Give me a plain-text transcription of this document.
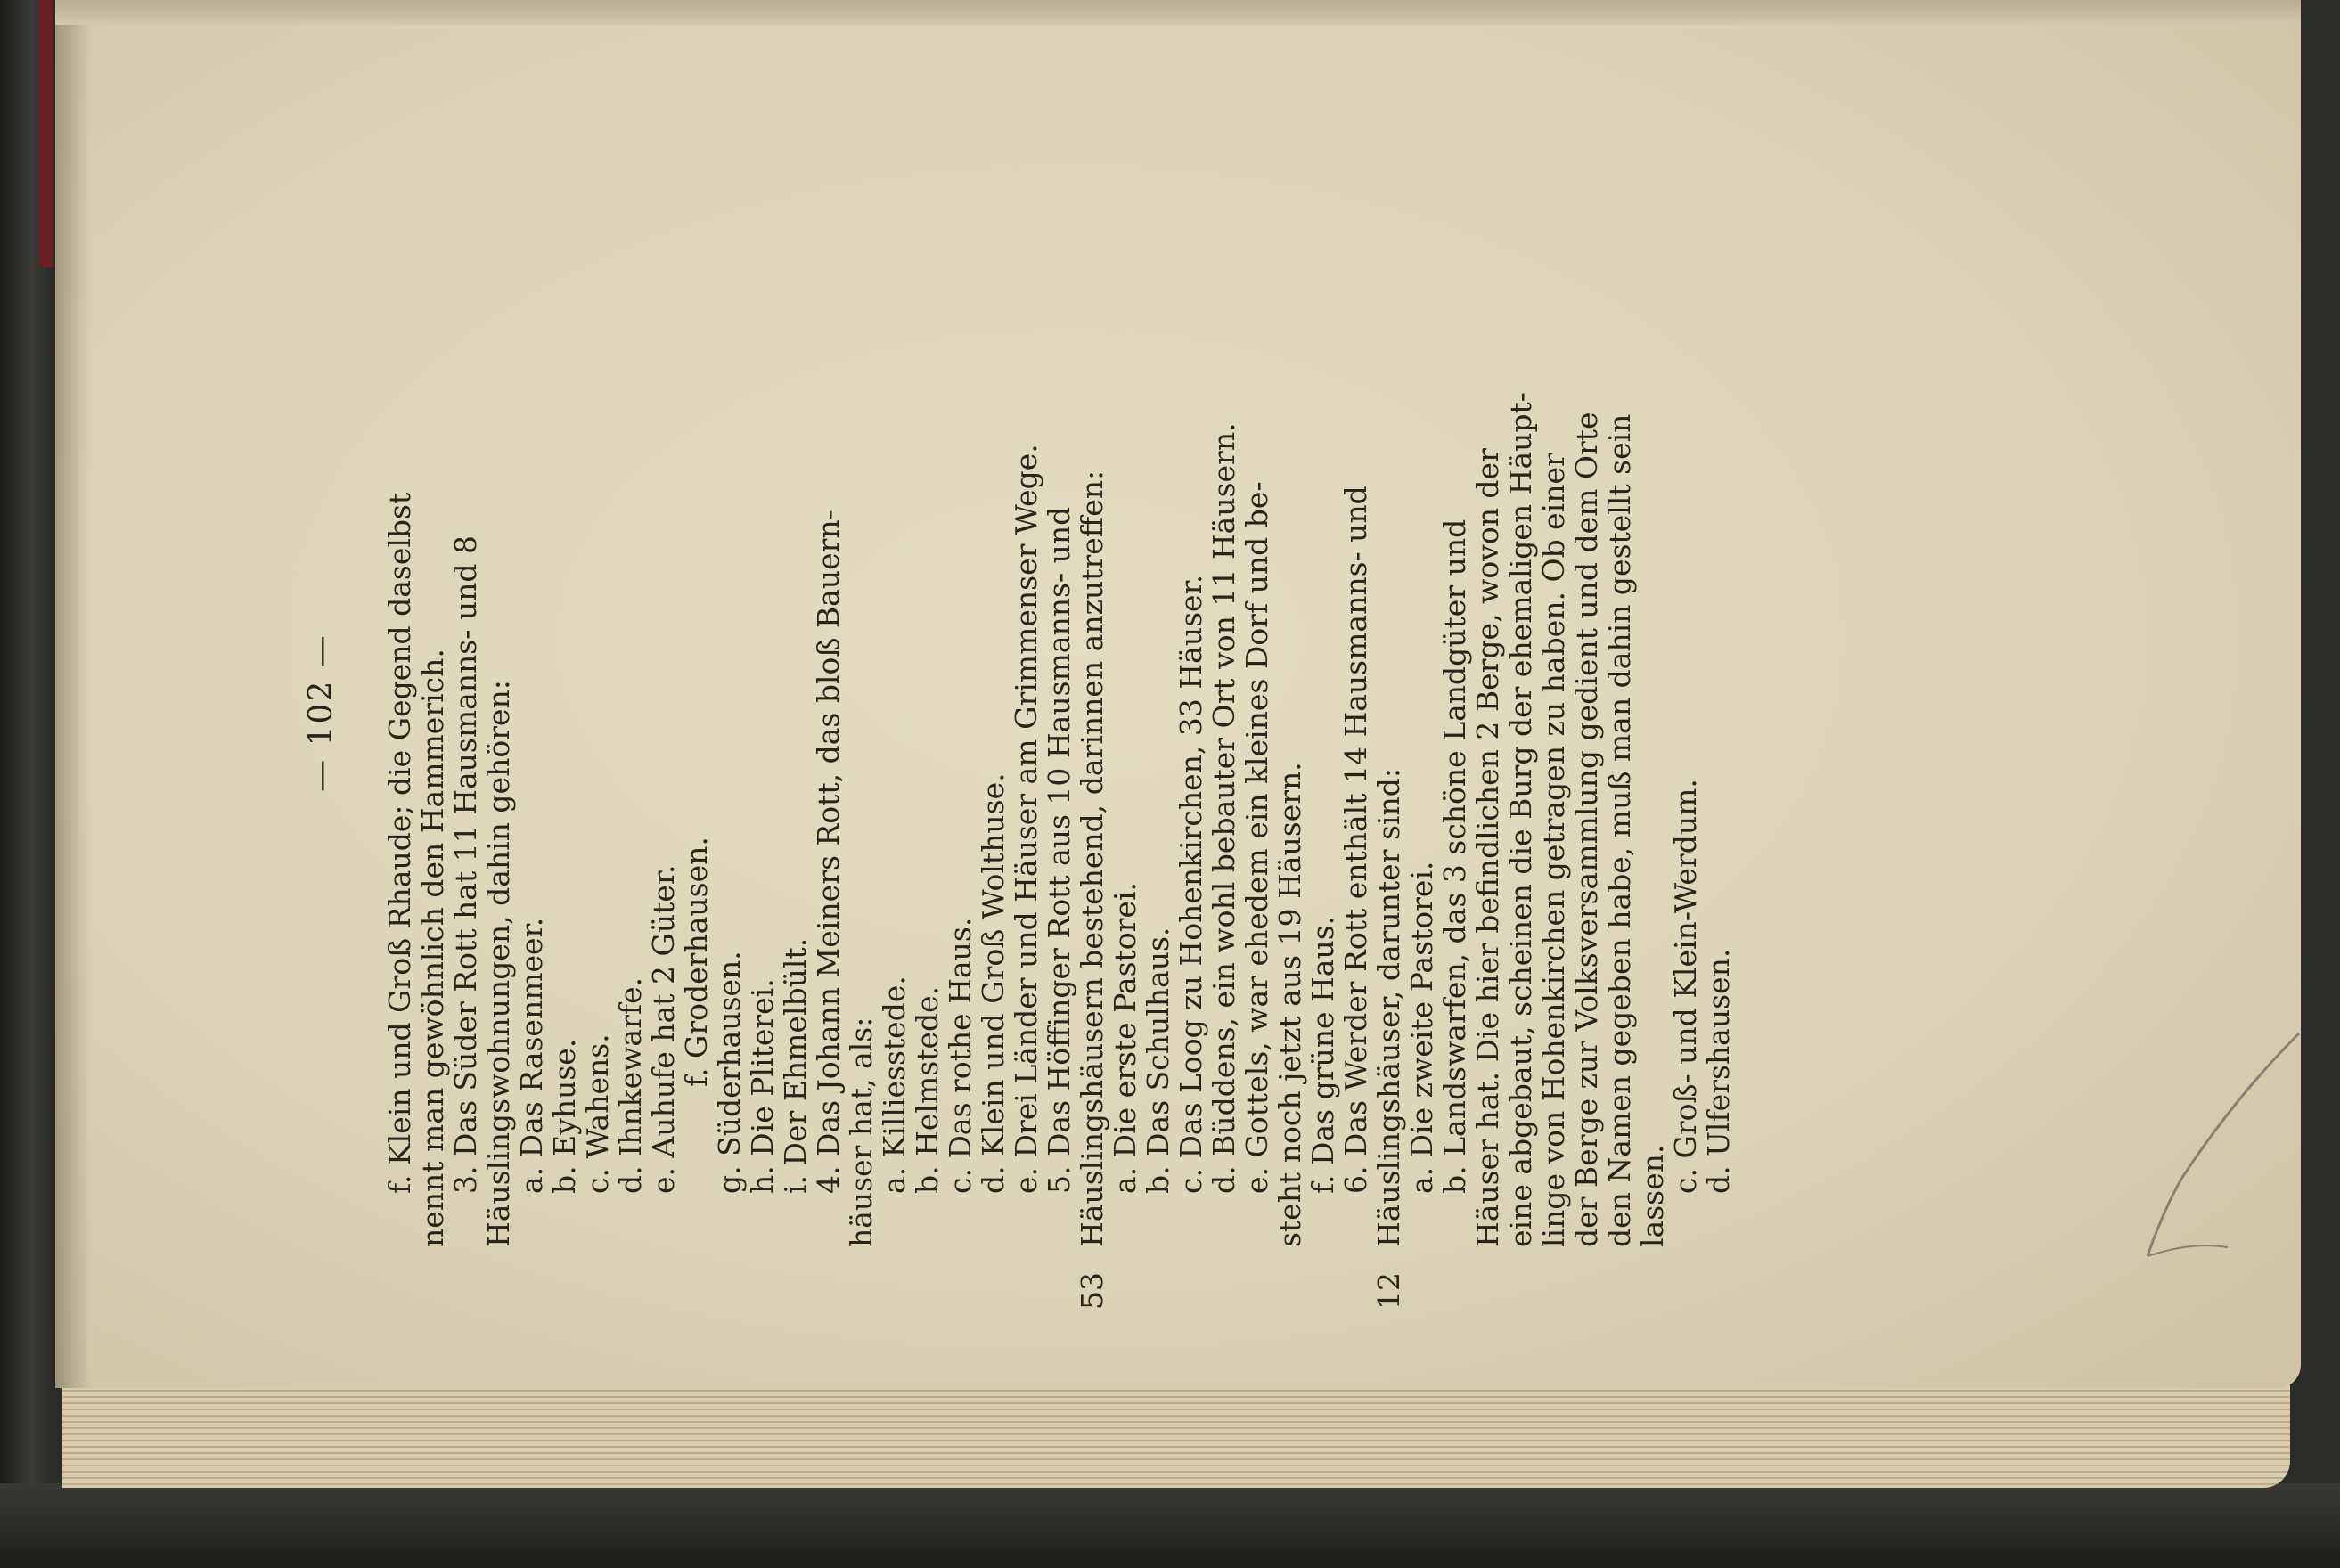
— 102 —	f. Klein und Groß Rhaude; die Gegend daselbst

nennt man gewöhnlich den Hammerich.

3. Das Süder Rott hat 11 Hausmanns- und 8

Häuslingswohnungen, dahin gehören:

a. Das Rasenmeer.

b. Eyhuse.

c. Wahens.

d. Ihnkewarfe.

e. Auhufe hat 2 Güter.

f. Groderhausen.

g. Süderhausen.

h. Die Pliterei.

i. Der Ehmelbült.

4. Das Johann Meiners Rott, das bloß Bauern-

häuser hat, als:

a. Killiesstede.

b. Helmstede.

c. Das rothe Haus.

d. Klein und Groß Wolthuse.

e. Drei Länder und Häuser am Grimmenser Wege.

5. Das Höffinger Rott aus 10 Hausmanns- und

53
Häuslingshäusern bestehend, darinnen anzutreffen:

a. Die erste Pastorei.

b. Das Schulhaus.

c. Das Loog zu Hohenkirchen, 33 Häuser.

d. Büddens, ein wohl bebauter Ort von 11 Häusern.

e. Gottels, war ehedem ein kleines Dorf und be-

steht noch jetzt aus 19 Häusern.

f. Das grüne Haus.

6. Das Werder Rott enthält 14 Hausmanns- und

12
Häuslingshäuser, darunter sind:

a. Die zweite Pastorei.

b. Landswarfen, das 3 schöne Landgüter und

Häuser hat. Die hier befindlichen 2 Berge, wovon der

eine abgebaut, scheinen die Burg der ehemaligen Häupt-

linge von Hohenkirchen getragen zu haben. Ob einer

der Berge zur Volksversammlung gedient und dem Orte

den Namen gegeben habe, muß man dahin gestellt sein

lassen.

c. Groß- und Klein-Werdum.

d. Ulfershausen.
